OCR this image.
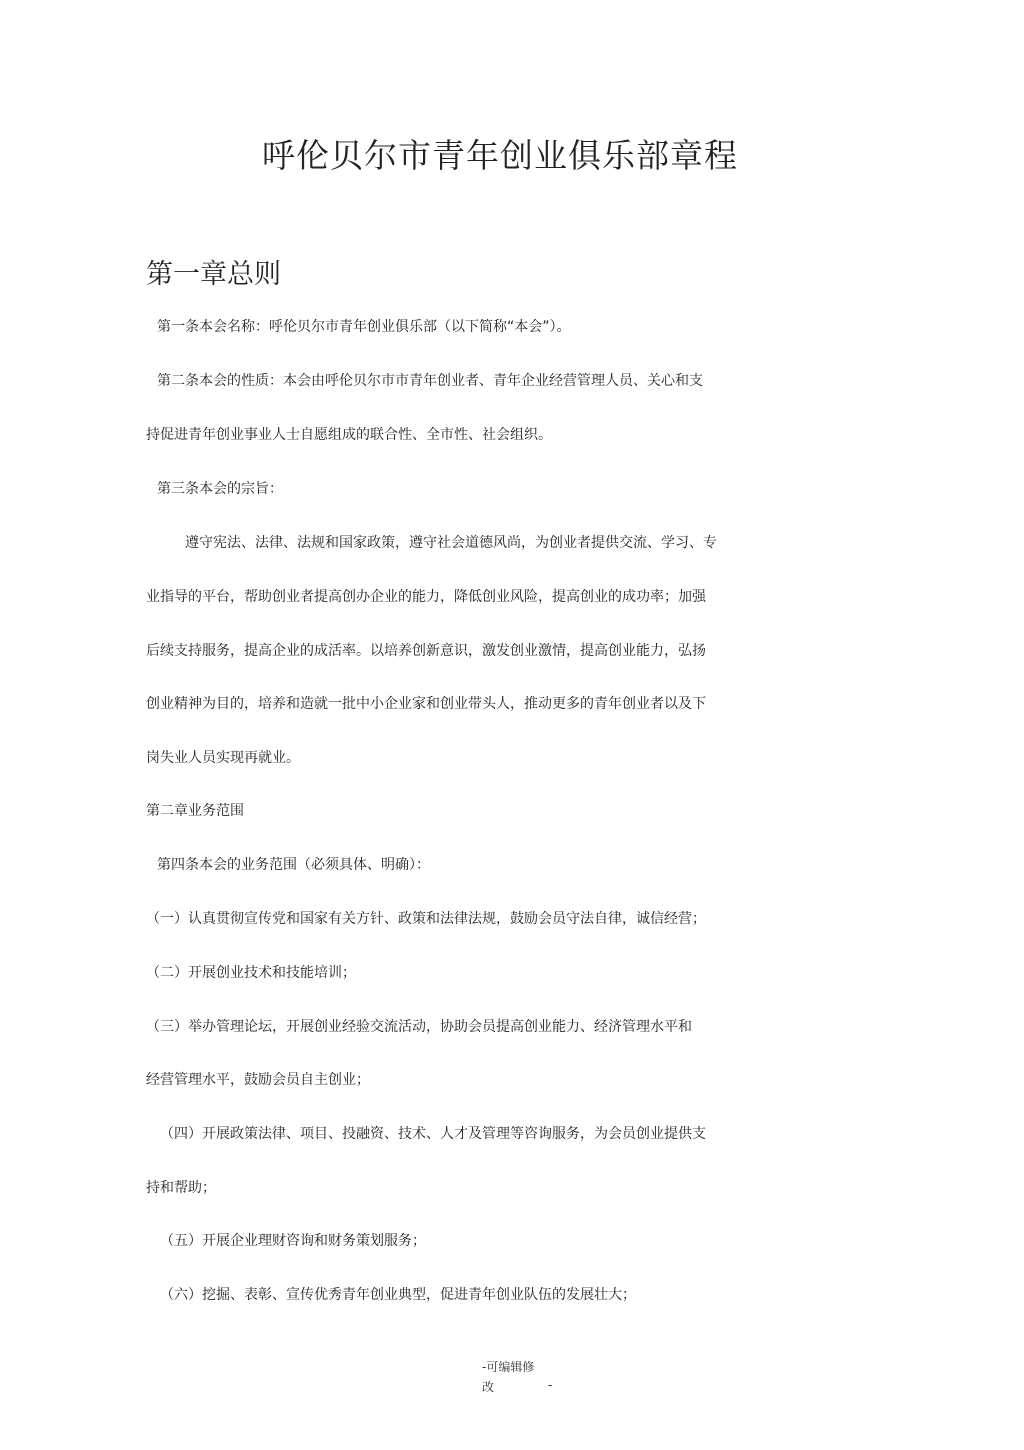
呼伦贝尔市青年创业俱乐部章程
第一章总则
第一条本会名称：呼伦贝尔市青年创业俱乐部（以下简称“本会”）。
第二条本会的性质：本会由呼伦贝尔市市青年创业者、青年企业经营管理人员、关心和支
持促进青年创业事业人士自愿组成的联合性、全市性、社会组织。
第三条本会的宗旨：
遵守宪法、法律、法规和国家政策，遵守社会道德风尚，为创业者提供交流、学习、专
业指导的平台，帮助创业者提高创办企业的能力，降低创业风险，提高创业的成功率；加强
后续支持服务，提高企业的成活率。以培养创新意识，激发创业激情，提高创业能力，弘扬
创业精神为目的，培养和造就一批中小企业家和创业带头人，推动更多的青年创业者以及下
岗失业人员实现再就业。
第二章业务范围
第四条本会的业务范围（必须具体、明确）：
（一）认真贯彻宣传党和国家有关方针、政策和法律法规，鼓励会员守法自律，诚信经营；
（二）开展创业技术和技能培训；
（三）举办管理论坛，开展创业经验交流活动，协助会员提高创业能力、经济管理水平和
经营管理水平，鼓励会员自主创业；
（四）开展政策法律、项目、投融资、技术、人才及管理等咨询服务，为会员创业提供支
持和帮助；
（五）开展企业理财咨询和财务策划服务；
（六）挖掘、表彰、宣传优秀青年创业典型，促进青年创业队伍的发展壮大；
-可编辑修
改	-
